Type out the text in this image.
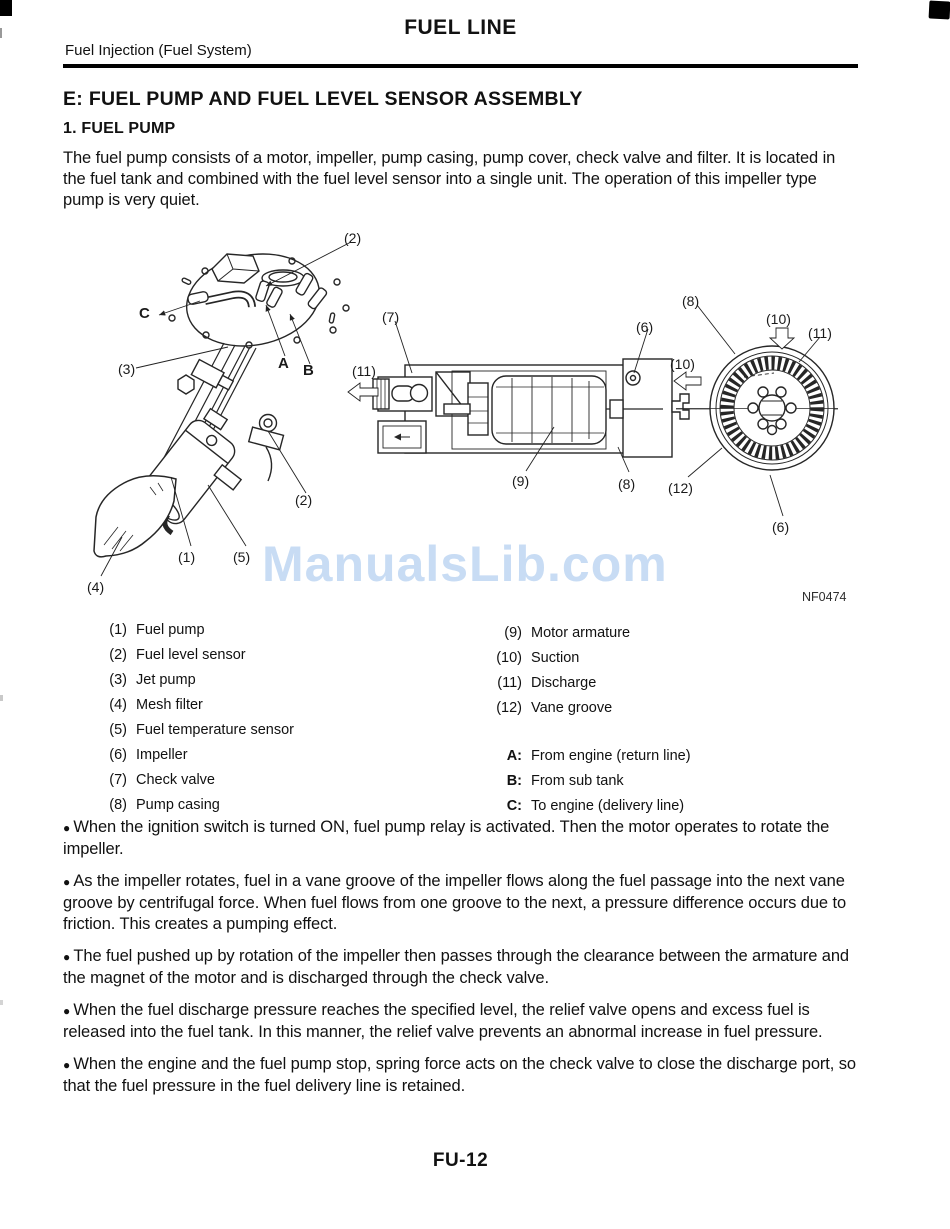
FUEL LINE
Fuel Injection (Fuel System)
E: FUEL PUMP AND FUEL LEVEL SENSOR ASSEMBLY
1. FUEL PUMP
The fuel pump consists of a motor, impeller, pump casing, pump cover, check valve and filter. It is located in the fuel tank and combined with the fuel level sensor into a single unit. The operation of this impeller type pump is very quiet.
(2)
C
(3)	A B
(2)
(1)	(5)
(4)
(7)
(11)
(6)
(9)	(8)
(10)
(8)
(10)
(11)
(12)
(6)
ManualsLib.com
NF0474
(1) Fuel pump
(2) Fuel level sensor
(3) Jet pump
(4) Mesh filter
(5) Fuel temperature sensor
(6) Impeller
(7) Check valve
(8) Pump casing
(9) Motor armature
(10) Suction
(11) Discharge
(12) Vane groove
A: From engine (return line)
B: From sub tank
C: To engine (delivery line)

● When the ignition switch is turned ON, fuel pump relay is activated. Then the motor operates to rotate the impeller.

● As the impeller rotates, fuel in a vane groove of the impeller flows along the fuel passage into the next vane groove by centrifugal force. When fuel flows from one groove to the next, a pressure difference occurs due to friction. This creates a pumping effect.

● The fuel pushed up by rotation of the impeller then passes through the clearance between the armature and the magnet of the motor and is discharged through the check valve.

● When the fuel discharge pressure reaches the specified level, the relief valve opens and excess fuel is released into the fuel tank. In this manner, the relief valve prevents an abnormal increase in fuel pressure.

● When the engine and the fuel pump stop, spring force acts on the check valve to close the discharge port, so that the fuel pressure in the fuel delivery line is retained.

FU-12
